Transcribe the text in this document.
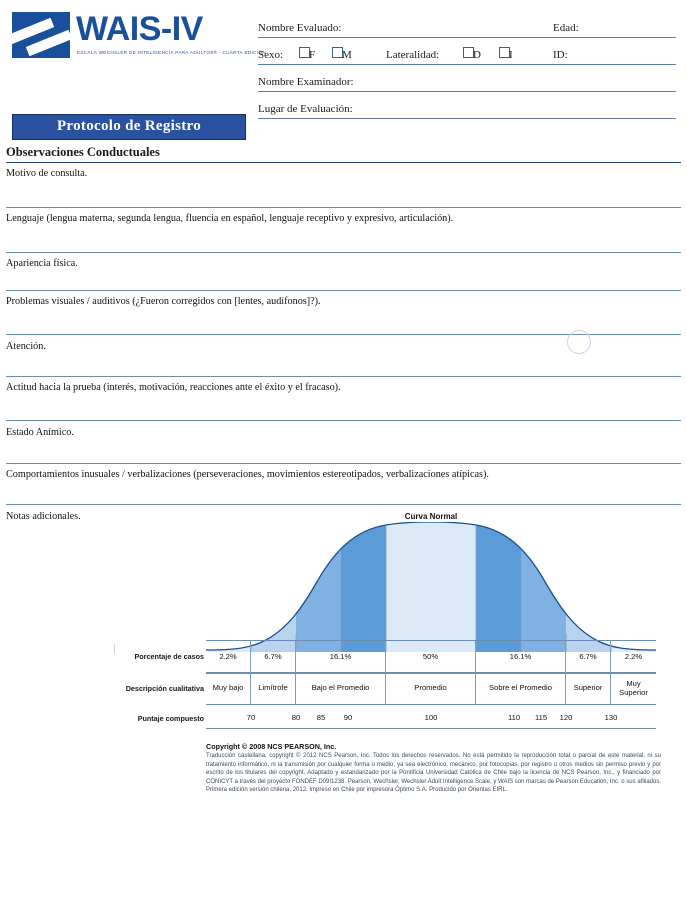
WAIS-IV
ESCALA WECHSLER DE INTELIGENCIA PARA ADULTOS® - CUARTA EDICIÓN
Nombre Evaluado:	Edad:
Sexo: F M	Lateralidad:	D	I	ID:
Nombre Examinador:
Lugar de Evaluación:
Protocolo de Registro
Observaciones Conductuales
Motivo de consulta.
Lenguaje (lengua materna, segunda lengua, fluencia en español, lenguaje receptivo y expresivo, articulación).
Apariencia física.
Problemas visuales / auditivos (¿Fueron corregidos con [lentes, audífonos]?).
Atención.
Actitud hacia la prueba (interés, motivación, reacciones ante el éxito y el fracaso).
Estado Anímico.
Comportamientos inusuales / verbalizaciones (perseveraciones, movimientos estereotipados, verbalizaciones atípicas).
Notas adicionales.	Curva Normal
Porcentaje de casos	2.2%	6.7%	16.1%	50%	16.1%	6.7%	2.2%
Descripción cualitativa	Muy bajo	Limítrofe	Bajo el Promedio	Promedio	Sobre el Promedio	Superior	Muy Superior
Puntaje compuesto	70	80 85 90	100	110 115 120	130
Copyright © 2008 NCS PEARSON, Inc.
Traducción castellana, copyright © 2012 NCS Pearson, Inc. Todos los derechos reservados. No está permitido la reproducción total o parcial de este material, ni su tratamiento informático, ni la transmisión por cualquier forma o medio, ya sea electrónico, mecánico, por fotocopias, por registro u otros medios sin permiso previo y por escrito de los titulares del copyright. Adaptado y estandarizado por la Pontificia Universidad Católica de Chile bajo la licencia de NCS Pearson, Inc., y financiado por CONICYT a través del proyecto FONDEF D09I1238. Pearson, Wechsler, Wechsler Adult Intelligence Scale, y WAIS son marcas de Pearson Education, Inc. o sus afiliados. Primera edición versión chilena, 2012. Impreso en Chile por impresora Óptimo S.A. Producido por Orientas EIRL.
